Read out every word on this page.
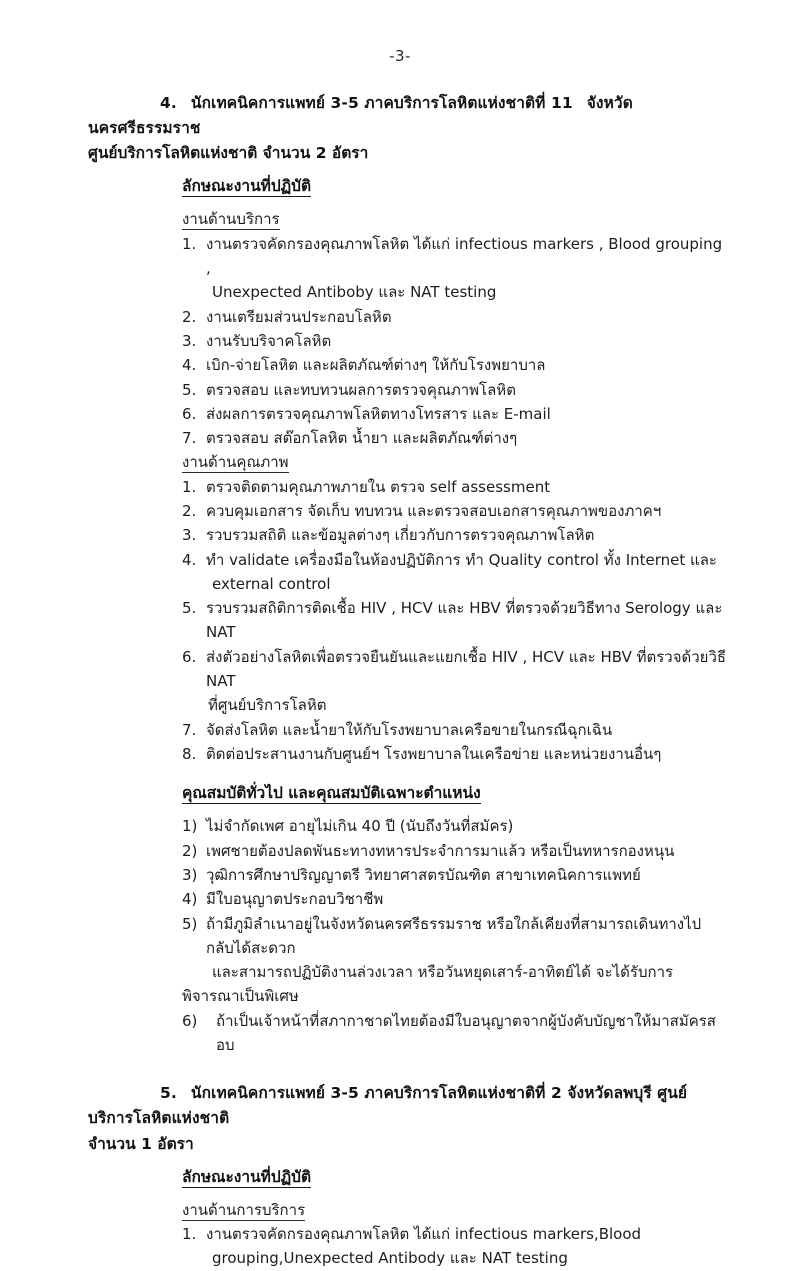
-3-

4. นักเทคนิคการแพทย์ 3-5 ภาคบริการโลหิตแห่งชาติที่ 11 จังหวัดนครศรีธรรมราช

ศูนย์บริการโลหิตแห่งชาติ จำนวน 2 อัตรา

ลักษณะงานที่ปฏิบัติ

งานด้านบริการ

1. งานตรวจคัดกรองคุณภาพโลหิต ได้แก่ infectious markers , Blood grouping ,
Unexpected Antiboby และ NAT testing
2. งานเตรียมส่วนประกอบโลหิต
3. งานรับบริจาคโลหิต
4. เบิก-จ่ายโลหิต และผลิตภัณฑ์ต่างๆ ให้กับโรงพยาบาล
5. ตรวจสอบ และทบทวนผลการตรวจคุณภาพโลหิต
6. ส่งผลการตรวจคุณภาพโลหิตทางโทรสาร และ E-mail
7. ตรวจสอบ สต๊อกโลหิต น้ำยา และผลิตภัณฑ์ต่างๆ

งานด้านคุณภาพ

1. ตรวจติดตามคุณภาพภายใน ตรวจ self assessment
2. ควบคุมเอกสาร จัดเก็บ ทบทวน และตรวจสอบเอกสารคุณภาพของภาคฯ
3. รวบรวมสถิติ และข้อมูลต่างๆ เกี่ยวกับการตรวจคุณภาพโลหิต
4. ทำ validate เครื่องมือในห้องปฏิบัติการ ทำ Quality control ทั้ง Internet และ
external control
5. รวบรวมสถิติการติดเชื้อ HIV , HCV และ HBV ที่ตรวจด้วยวิธีทาง Serology และ NAT
6. ส่งตัวอย่างโลหิตเพื่อตรวจยืนยันและแยกเชื้อ HIV , HCV และ HBV ที่ตรวจด้วยวิธี NAT
ที่ศูนย์บริการโลหิต
7. จัดส่งโลหิต และน้ำยาให้กับโรงพยาบาลเครือขายในกรณีฉุกเฉิน
8. ติดต่อประสานงานกับศูนย์ฯ โรงพยาบาลในเครือข่าย และหน่วยงานอื่นๆ

คุณสมบัติทั่วไป และคุณสมบัติเฉพาะตำแหน่ง

1) ไม่จำกัดเพศ อายุไม่เกิน 40 ปี (นับถึงวันที่สมัคร)
2) เพศชายต้องปลดพันธะทางทหารประจำการมาแล้ว หรือเป็นทหารกองหนุน
3) วุฒิการศึกษาปริญญาตรี วิทยาศาสตรบัณฑิต สาขาเทคนิคการแพทย์
4) มีใบอนุญาตประกอบวิชาชีพ
5) ถ้ามีภูมิลำเนาอยู่ในจังหวัดนครศรีธรรมราช หรือใกล้เคียงที่สามารถเดินทางไปกลับได้สะดวก
และสามารถปฏิบัติงานล่วงเวลา หรือวันหยุดเสาร์-อาทิตย์ได้ จะได้รับการพิจารณาเป็นพิเศษ
6)	ถ้าเป็นเจ้าหน้าที่สภากาชาดไทยต้องมีใบอนุญาตจากผู้บังคับบัญชาให้มาสมัครสอบ

5. นักเทคนิคการแพทย์ 3-5 ภาคบริการโลหิตแห่งชาติที่ 2 จังหวัดลพบุรี ศูนย์บริการโลหิตแห่งชาติ

จำนวน 1 อัตรา

ลักษณะงานที่ปฏิบัติ

งานด้านการบริการ

1. งานตรวจคัดกรองคุณภาพโลหิต ได้แก่ infectious markers,Blood
grouping,Unexpected Antibody และ NAT testing
